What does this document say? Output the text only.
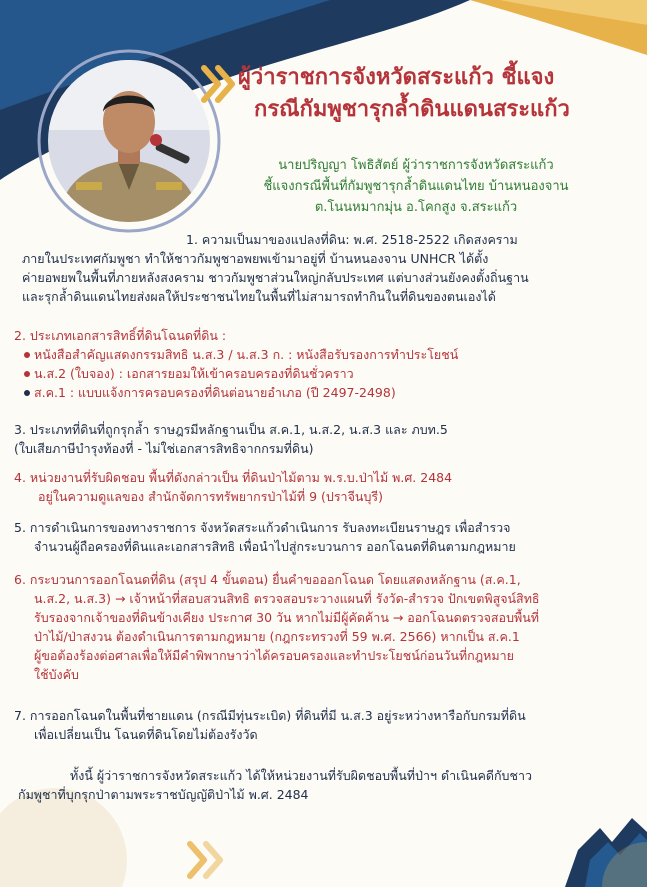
ผู้ว่าราชการจังหวัดสระแก้ว ชี้แจง
กรณีกัมพูชารุกล้ำดินแดนสระแก้ว
นายปริญญา โพธิสัตย์ ผู้ว่าราชการจังหวัดสระแก้ว
ชี้แจงกรณีพื้นที่กัมพูชารุกล้ำดินแดนไทย บ้านหนองจาน
ต.โนนหมากมุ่น อ.โคกสูง จ.สระแก้ว
1. ความเป็นมาของแปลงที่ดิน: พ.ศ. 2518-2522 เกิดสงคราม
ภายในประเทศกัมพูชา ทำให้ชาวกัมพูชาอพยพเข้ามาอยู่ที่ บ้านหนองจาน UNHCR ได้ตั้ง
ค่ายอพยพในพื้นที่ภายหลังสงคราม ชาวกัมพูชาส่วนใหญ่กลับประเทศ แต่บางส่วนยังคงตั้งถิ่นฐาน
และรุกล้ำดินแดนไทยส่งผลให้ประชาชนไทยในพื้นที่ไม่สามารถทำกินในที่ดินของตนเองได้
2. ประเภทเอกสารสิทธิ์ที่ดินโฉนดที่ดิน :
หนังสือสำคัญแสดงกรรมสิทธิ น.ส.3 / น.ส.3 ก. : หนังสือรับรองการทำประโยชน์
น.ส.2 (ใบจอง) : เอกสารยอมให้เข้าครอบครองที่ดินชั่วคราว
ส.ค.1 : แบบแจ้งการครอบครองที่ดินต่อนายอำเภอ (ปี 2497-2498)
3. ประเภทที่ดินที่ถูกรุกล้ำ ราษฎรมีหลักฐานเป็น ส.ค.1, น.ส.2, น.ส.3 และ ภบท.5
(ใบเสียภาษีบำรุงท้องที่ - ไม่ใช่เอกสารสิทธิจากกรมที่ดิน)
4. หน่วยงานที่รับผิดชอบ พื้นที่ดังกล่าวเป็น ที่ดินป่าไม้ตาม พ.ร.บ.ป่าไม้ พ.ศ. 2484
อยู่ในความดูแลของ สำนักจัดการทรัพยากรป่าไม้ที่ 9 (ปราจีนบุรี)
5. การดำเนินการของทางราชการ จังหวัดสระแก้วดำเนินการ รับลงทะเบียนราษฎร เพื่อสำรวจ
จำนวนผู้ถือครองที่ดินและเอกสารสิทธิ เพื่อนำไปสู่กระบวนการ ออกโฉนดที่ดินตามกฎหมาย
6. กระบวนการออกโฉนดที่ดิน (สรุป 4 ขั้นตอน) ยื่นคำขอออกโฉนด โดยแสดงหลักฐาน (ส.ค.1,
น.ส.2, น.ส.3) → เจ้าหน้าที่สอบสวนสิทธิ ตรวจสอบระวางแผนที่ รังวัด-สำรวจ ปักเขตพิสูจน์สิทธิ
รับรองจากเจ้าของที่ดินข้างเคียง ประกาศ 30 วัน หากไม่มีผู้คัดค้าน → ออกโฉนดตรวจสอบพื้นที่
ป่าไม้/ป่าสงวน ต้องดำเนินการตามกฎหมาย (กฎกระทรวงที่ 59 พ.ศ. 2566) หากเป็น ส.ค.1
ผู้ขอต้องร้องต่อศาลเพื่อให้มีคำพิพากษาว่าได้ครอบครองและทำประโยชน์ก่อนวันที่กฎหมาย
ใช้บังคับ
7. การออกโฉนดในพื้นที่ชายแดน (กรณีมีทุ่นระเบิด) ที่ดินที่มี น.ส.3 อยู่ระหว่างหารือกับกรมที่ดิน
เพื่อเปลี่ยนเป็น โฉนดที่ดินโดยไม่ต้องรังวัด
ทั้งนี้ ผู้ว่าราชการจังหวัดสระแก้ว ได้ให้หน่วยงานที่รับผิดชอบพื้นที่ป่าฯ ดำเนินคดีกับชาว
กัมพูชาที่บุกรุกป่าตามพระราชบัญญัติป่าไม้ พ.ศ. 2484
